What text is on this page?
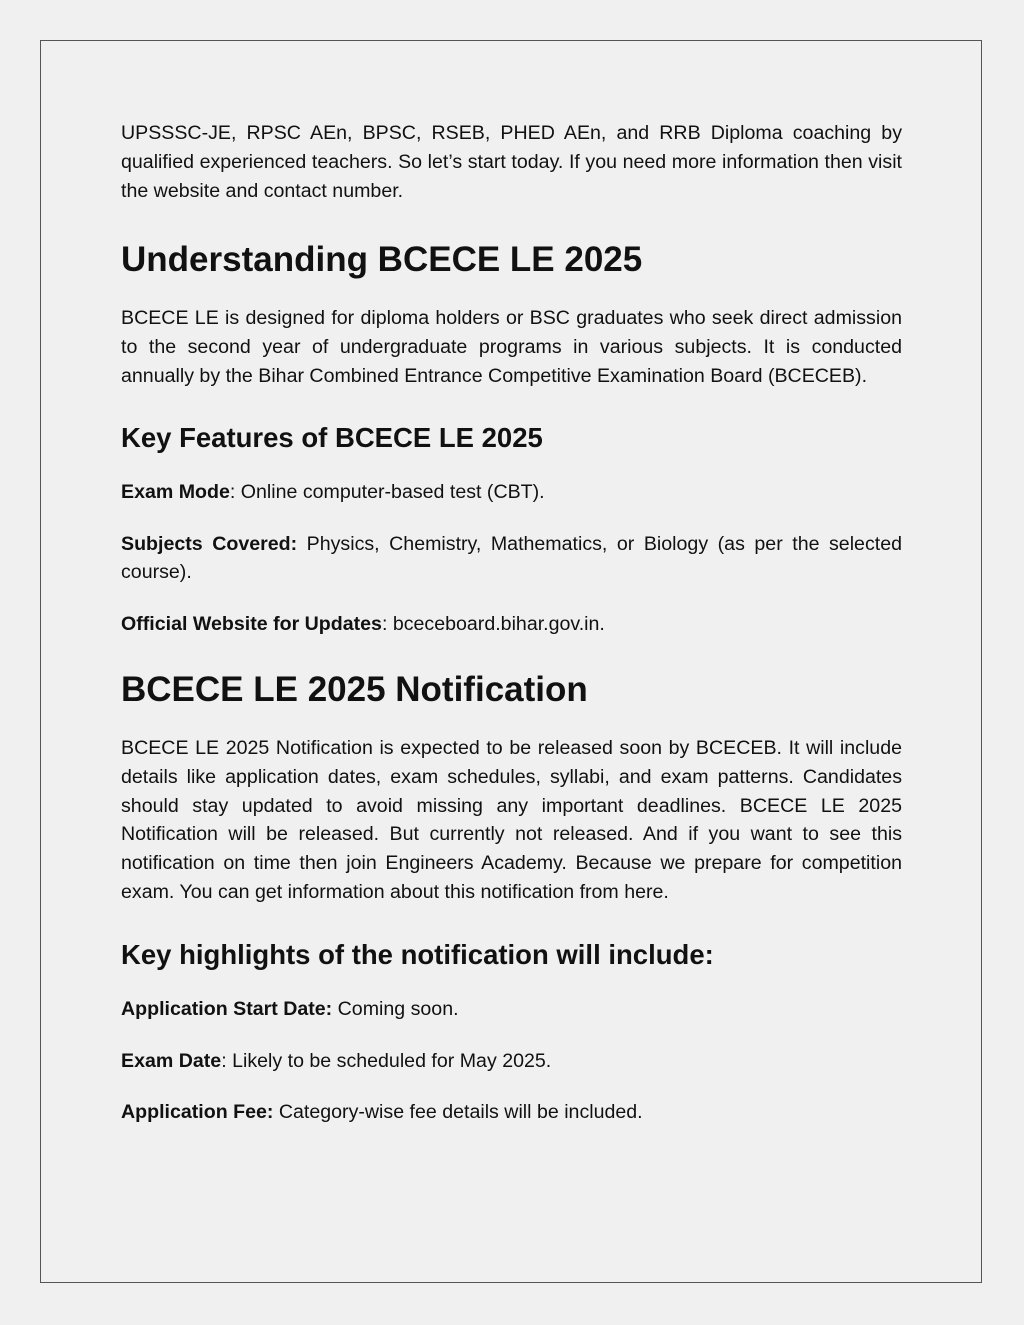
UPSSSC-JE, RPSC AEn, BPSC, RSEB, PHED AEn, and RRB Diploma coaching by qualified experienced teachers. So let’s start today. If you need more information then visit the website and contact number.

Understanding BCECE LE 2025

BCECE LE is designed for diploma holders or BSC graduates who seek direct admission to the second year of undergraduate programs in various subjects. It is conducted annually by the Bihar Combined Entrance Competitive Examination Board (BCECEB).

Key Features of BCECE LE 2025

Exam Mode: Online computer-based test (CBT).

Subjects Covered: Physics, Chemistry, Mathematics, or Biology (as per the selected course).

Official Website for Updates: bceceboard.bihar.gov.in.

BCECE LE 2025 Notification

BCECE LE 2025 Notification is expected to be released soon by BCECEB. It will include details like application dates, exam schedules, syllabi, and exam patterns. Candidates should stay updated to avoid missing any important deadlines. BCECE LE 2025 Notification will be released. But currently not released. And if you want to see this notification on time then join Engineers Academy. Because we prepare for competition exam. You can get information about this notification from here.

Key highlights of the notification will include:

Application Start Date: Coming soon.

Exam Date: Likely to be scheduled for May 2025.

Application Fee: Category-wise fee details will be included.
